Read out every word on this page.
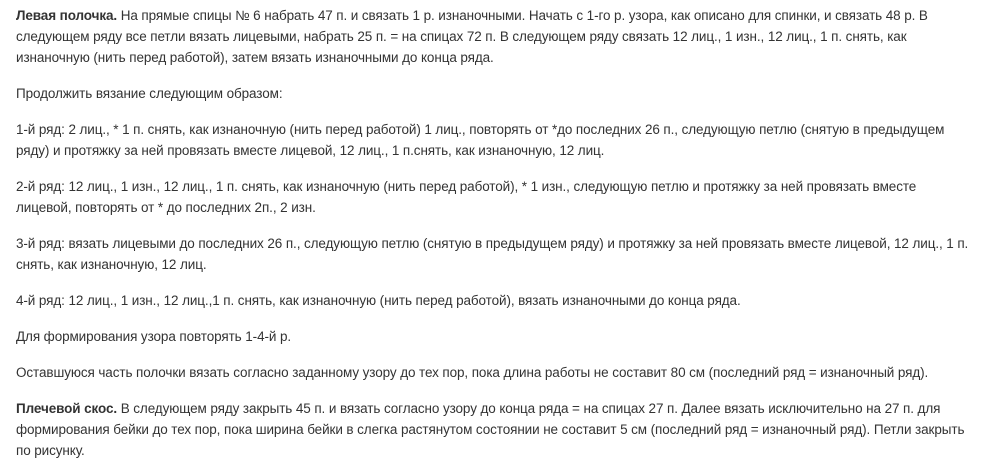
Левая полочка. На прямые спицы № 6 набрать 47 п. и связать 1 р. изнаночными. Начать с 1-го р. узора, как описано для спинки, и связать 48 р. В следующем ряду все петли вязать лицевыми, набрать 25 п. = на спицах 72 п. В следующем ряду связать 12 лиц., 1 изн., 12 лиц., 1 п. снять, как изнаночную (нить перед работой), затем вязать изнаночными до конца ряда.

Продолжить вязание следующим образом:

1-й ряд: 2 лиц., * 1 п. снять, как изнаночную (нить перед работой) 1 лиц., повторять от *до последних 26 п., следующую петлю (снятую в предыдущем ряду) и протяжку за ней провязать вместе лицевой, 12 лиц., 1 п.снять, как изнаночную, 12 лиц.

2-й ряд: 12 лиц., 1 изн., 12 лиц., 1 п. снять, как изнаночную (нить перед работой), * 1 изн., следующую петлю и протяжку за ней провязать вместе лицевой, повторять от * до последних 2п., 2 изн.

3-й ряд: вязать лицевыми до последних 26 п., следующую петлю (снятую в предыдущем ряду) и протяжку за ней провязать вместе лицевой, 12 лиц., 1 п. снять, как изнаночную, 12 лиц.

4-й ряд: 12 лиц., 1 изн., 12 лиц.,1 п. снять, как изнаночную (нить перед работой), вязать изнаночными до конца ряда.

Для формирования узора повторять 1-4-й р.

Оставшуюся часть полочки вязать согласно заданному узору до тех пор, пока длина работы не составит 80 см (последний ряд = изнаночный ряд).

Плечевой скос. В следующем ряду закрыть 45 п. и вязать согласно узору до конца ряда = на спицах 27 п. Далее вязать исключительно на 27 п. для формирования бейки до тех пор, пока ширина бейки в слегка растянутом состоянии не составит 5 см (последний ряд = изнаночный ряд). Петли закрыть по рисунку.
